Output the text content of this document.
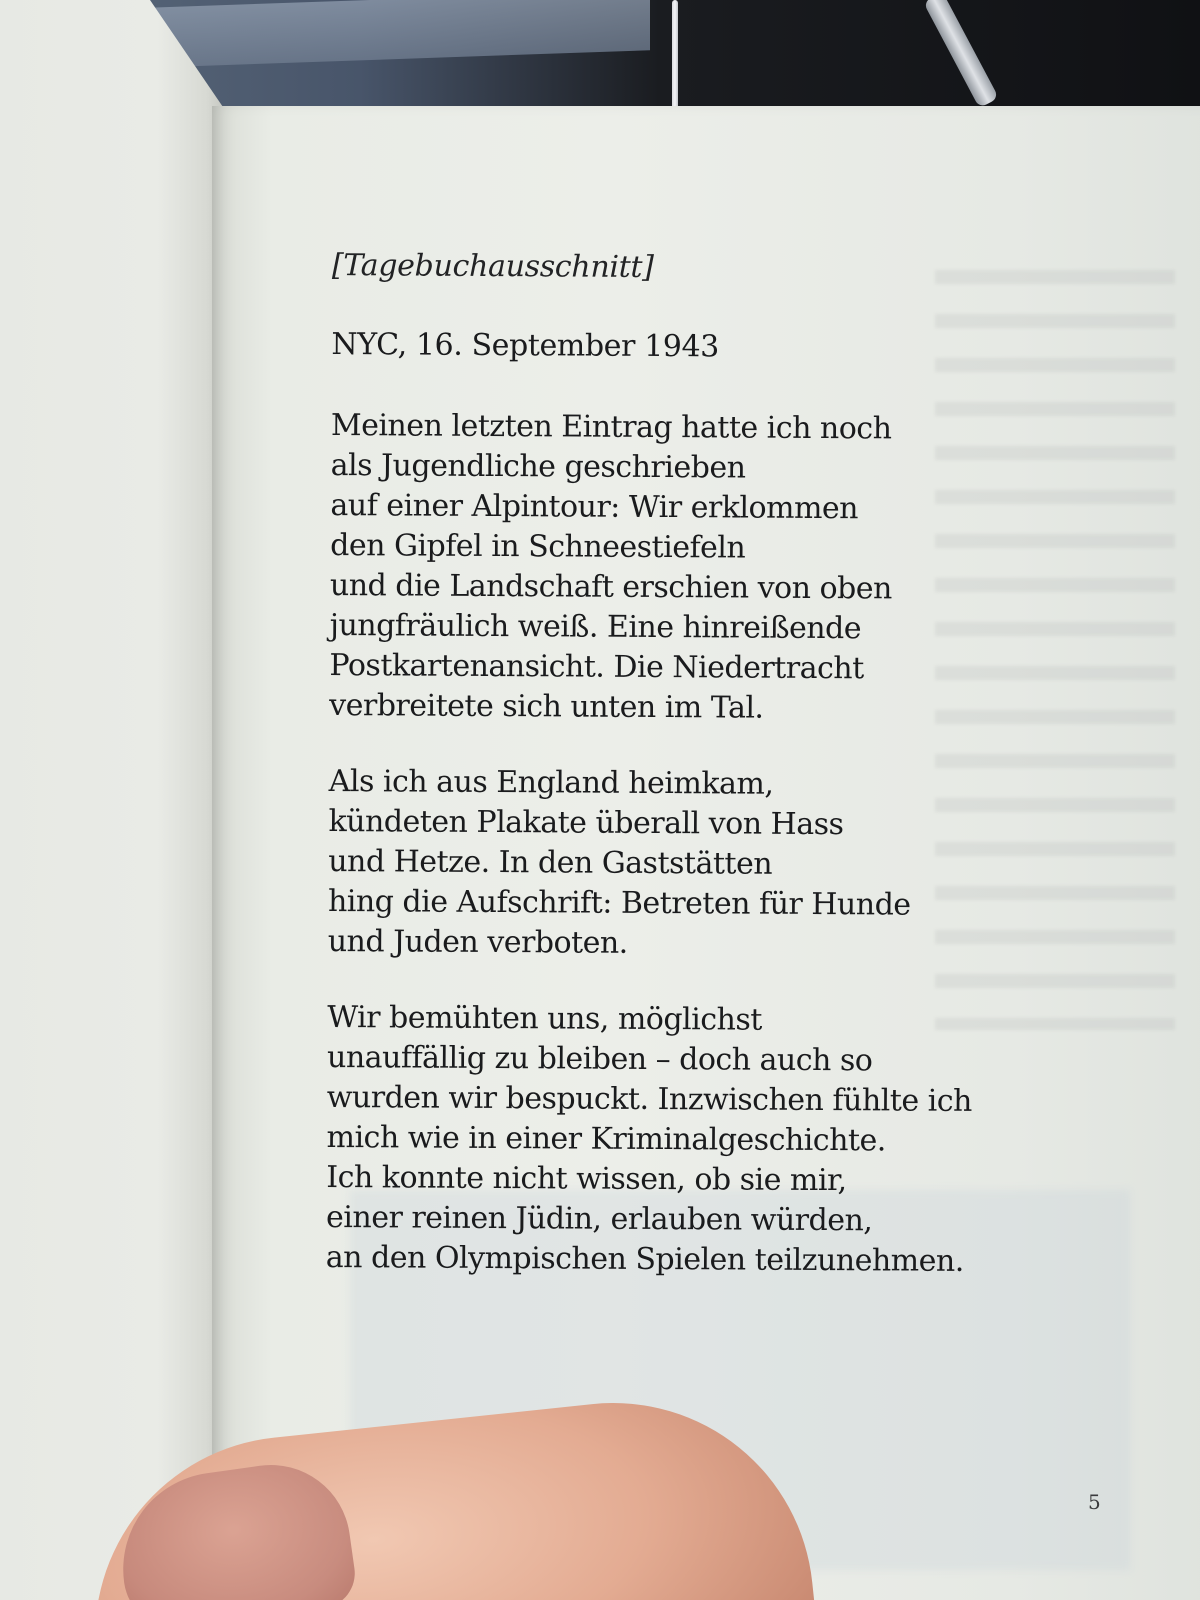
[Tagebuchausschnitt]
NYC, 16. September 1943
Meinen letzten Eintrag hatte ich noch
als Jugendliche geschrieben
auf einer Alpintour: Wir erklommen
den Gipfel in Schneestiefeln
und die Landschaft erschien von oben
jungfräulich weiß. Eine hinreißende
Postkartenansicht. Die Niedertracht
verbreitete sich unten im Tal.
Als ich aus England heimkam,
kündeten Plakate überall von Hass
und Hetze. In den Gaststätten
hing die Aufschrift: Betreten für Hunde
und Juden verboten.
Wir bemühten uns, möglichst
unauffällig zu bleiben – doch auch so
wurden wir bespuckt. Inzwischen fühlte ich
mich wie in einer Kriminalgeschichte.
Ich konnte nicht wissen, ob sie mir,
einer reinen Jüdin, erlauben würden,
an den Olympischen Spielen teilzunehmen.
5
